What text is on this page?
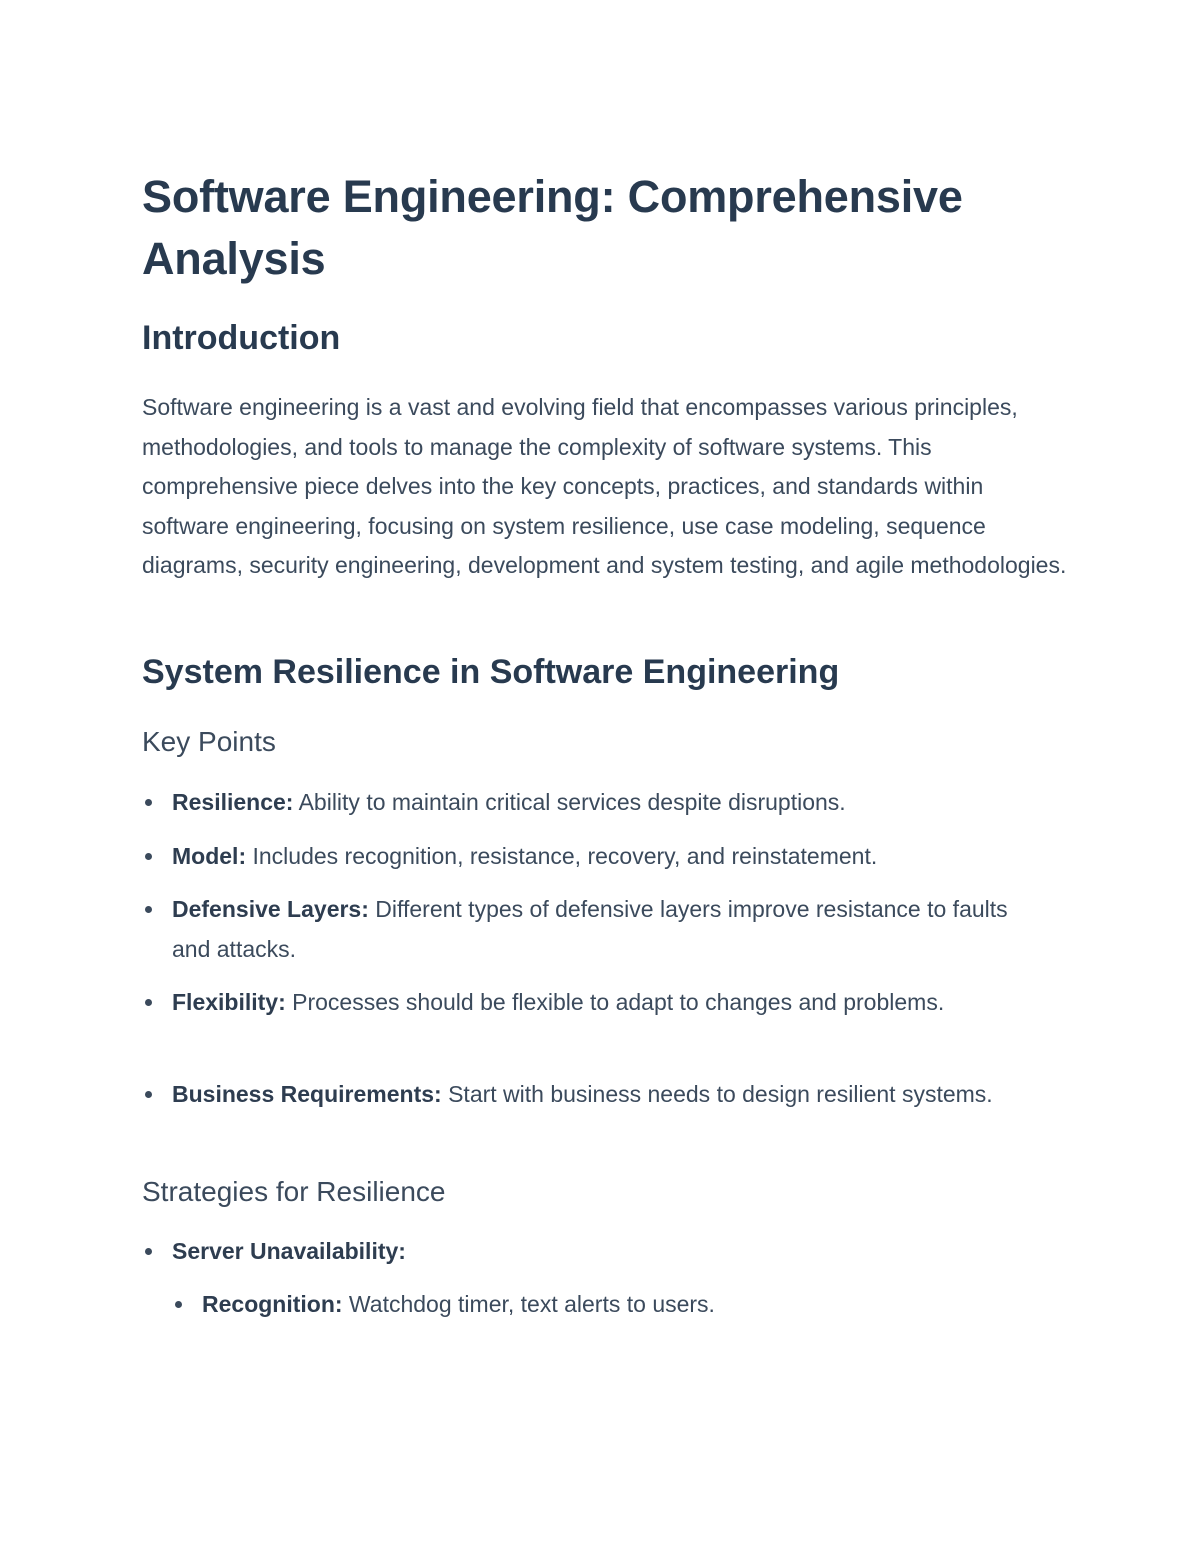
Software Engineering: Comprehensive Analysis
Introduction

Software engineering is a vast and evolving field that encompasses various principles, methodologies, and tools to manage the complexity of software systems. This comprehensive piece delves into the key concepts, practices, and standards within software engineering, focusing on system resilience, use case modeling, sequence diagrams, security engineering, development and system testing, and agile methodologies.

System Resilience in Software Engineering
Key Points
Resilience: Ability to maintain critical services despite disruptions.
Model: Includes recognition, resistance, recovery, and reinstatement.
Defensive Layers: Different types of defensive layers improve resistance to faults and attacks.
Flexibility: Processes should be flexible to adapt to changes and problems.
Business Requirements: Start with business needs to design resilient systems.
Strategies for Resilience
Server Unavailability:
Recognition: Watchdog timer, text alerts to users.
